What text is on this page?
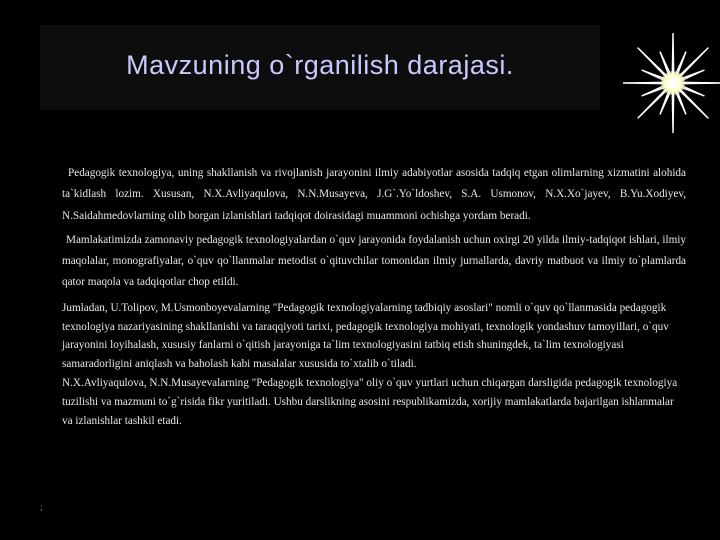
Mavzuning o`rganilish darajasi.

Pedagogik texnologiya, uning shakllanish va rivojlanish jarayonini ilmiy adabiyotlar asosida tadqiq etgan olimlarning xizmatini alohida ta`kidlash lozim. Xususan, N.X.Avliyaqulova, N.N.Musayeva, J.G`.Yo`ldoshev, S.A. Usmonov, N.X.Xo`jayev, B.Yu.Xodiyev, N.Saidahmedovlarning olib borgan izlanishlari tadqiqot doirasidagi muammoni ochishga yordam beradi.

Mamlakatimizda zamonaviy pedagogik texnologiyalardan o`quv jarayonida foydalanish uchun oxirgi 20 yilda ilmiy-tadqiqot ishlari, ilmiy maqolalar, monografiyalar, o`quv qo`llanmalar metodist o`qituvchilar tomonidan ilmiy jurnallarda, davriy matbuot va ilmiy to`plamlarda qator maqola va tadqiqotlar chop etildi.

Jumladan, U.Tolipov, M.Usmonboyevalarning "Pedagogik texnologiyalarning tadbiqiy asoslari" nomli o`quv qo`llanmasida pedagogik texnologiya nazariyasining shakllanishi va taraqqiyoti tarixi, pedagogik texnologiya mohiyati, texnologik yondashuv tamoyillari, o`quv jarayonini loyihalash, xususiy fanlarni o`qitish jarayoniga ta`lim texnologiyasini tatbiq etish shuningdek, ta`lim texnologiyasi samaradorligini aniqlash va baholash kabi masalalar xususida to`xtalib o`tiladi.

N.X.Avliyaqulova, N.N.Musayevalarning "Pedagogik texnologiya" oliy o`quv yurtlari uchun chiqargan darsligida pedagogik texnologiya tuzilishi va mazmuni to`g`risida fikr yuritiladi. Ushbu darslikning asosini respublikamizda, xorijiy mamlakatlarda bajarilgan ishlanmalar va izlanishlar tashkil etadi.

;
